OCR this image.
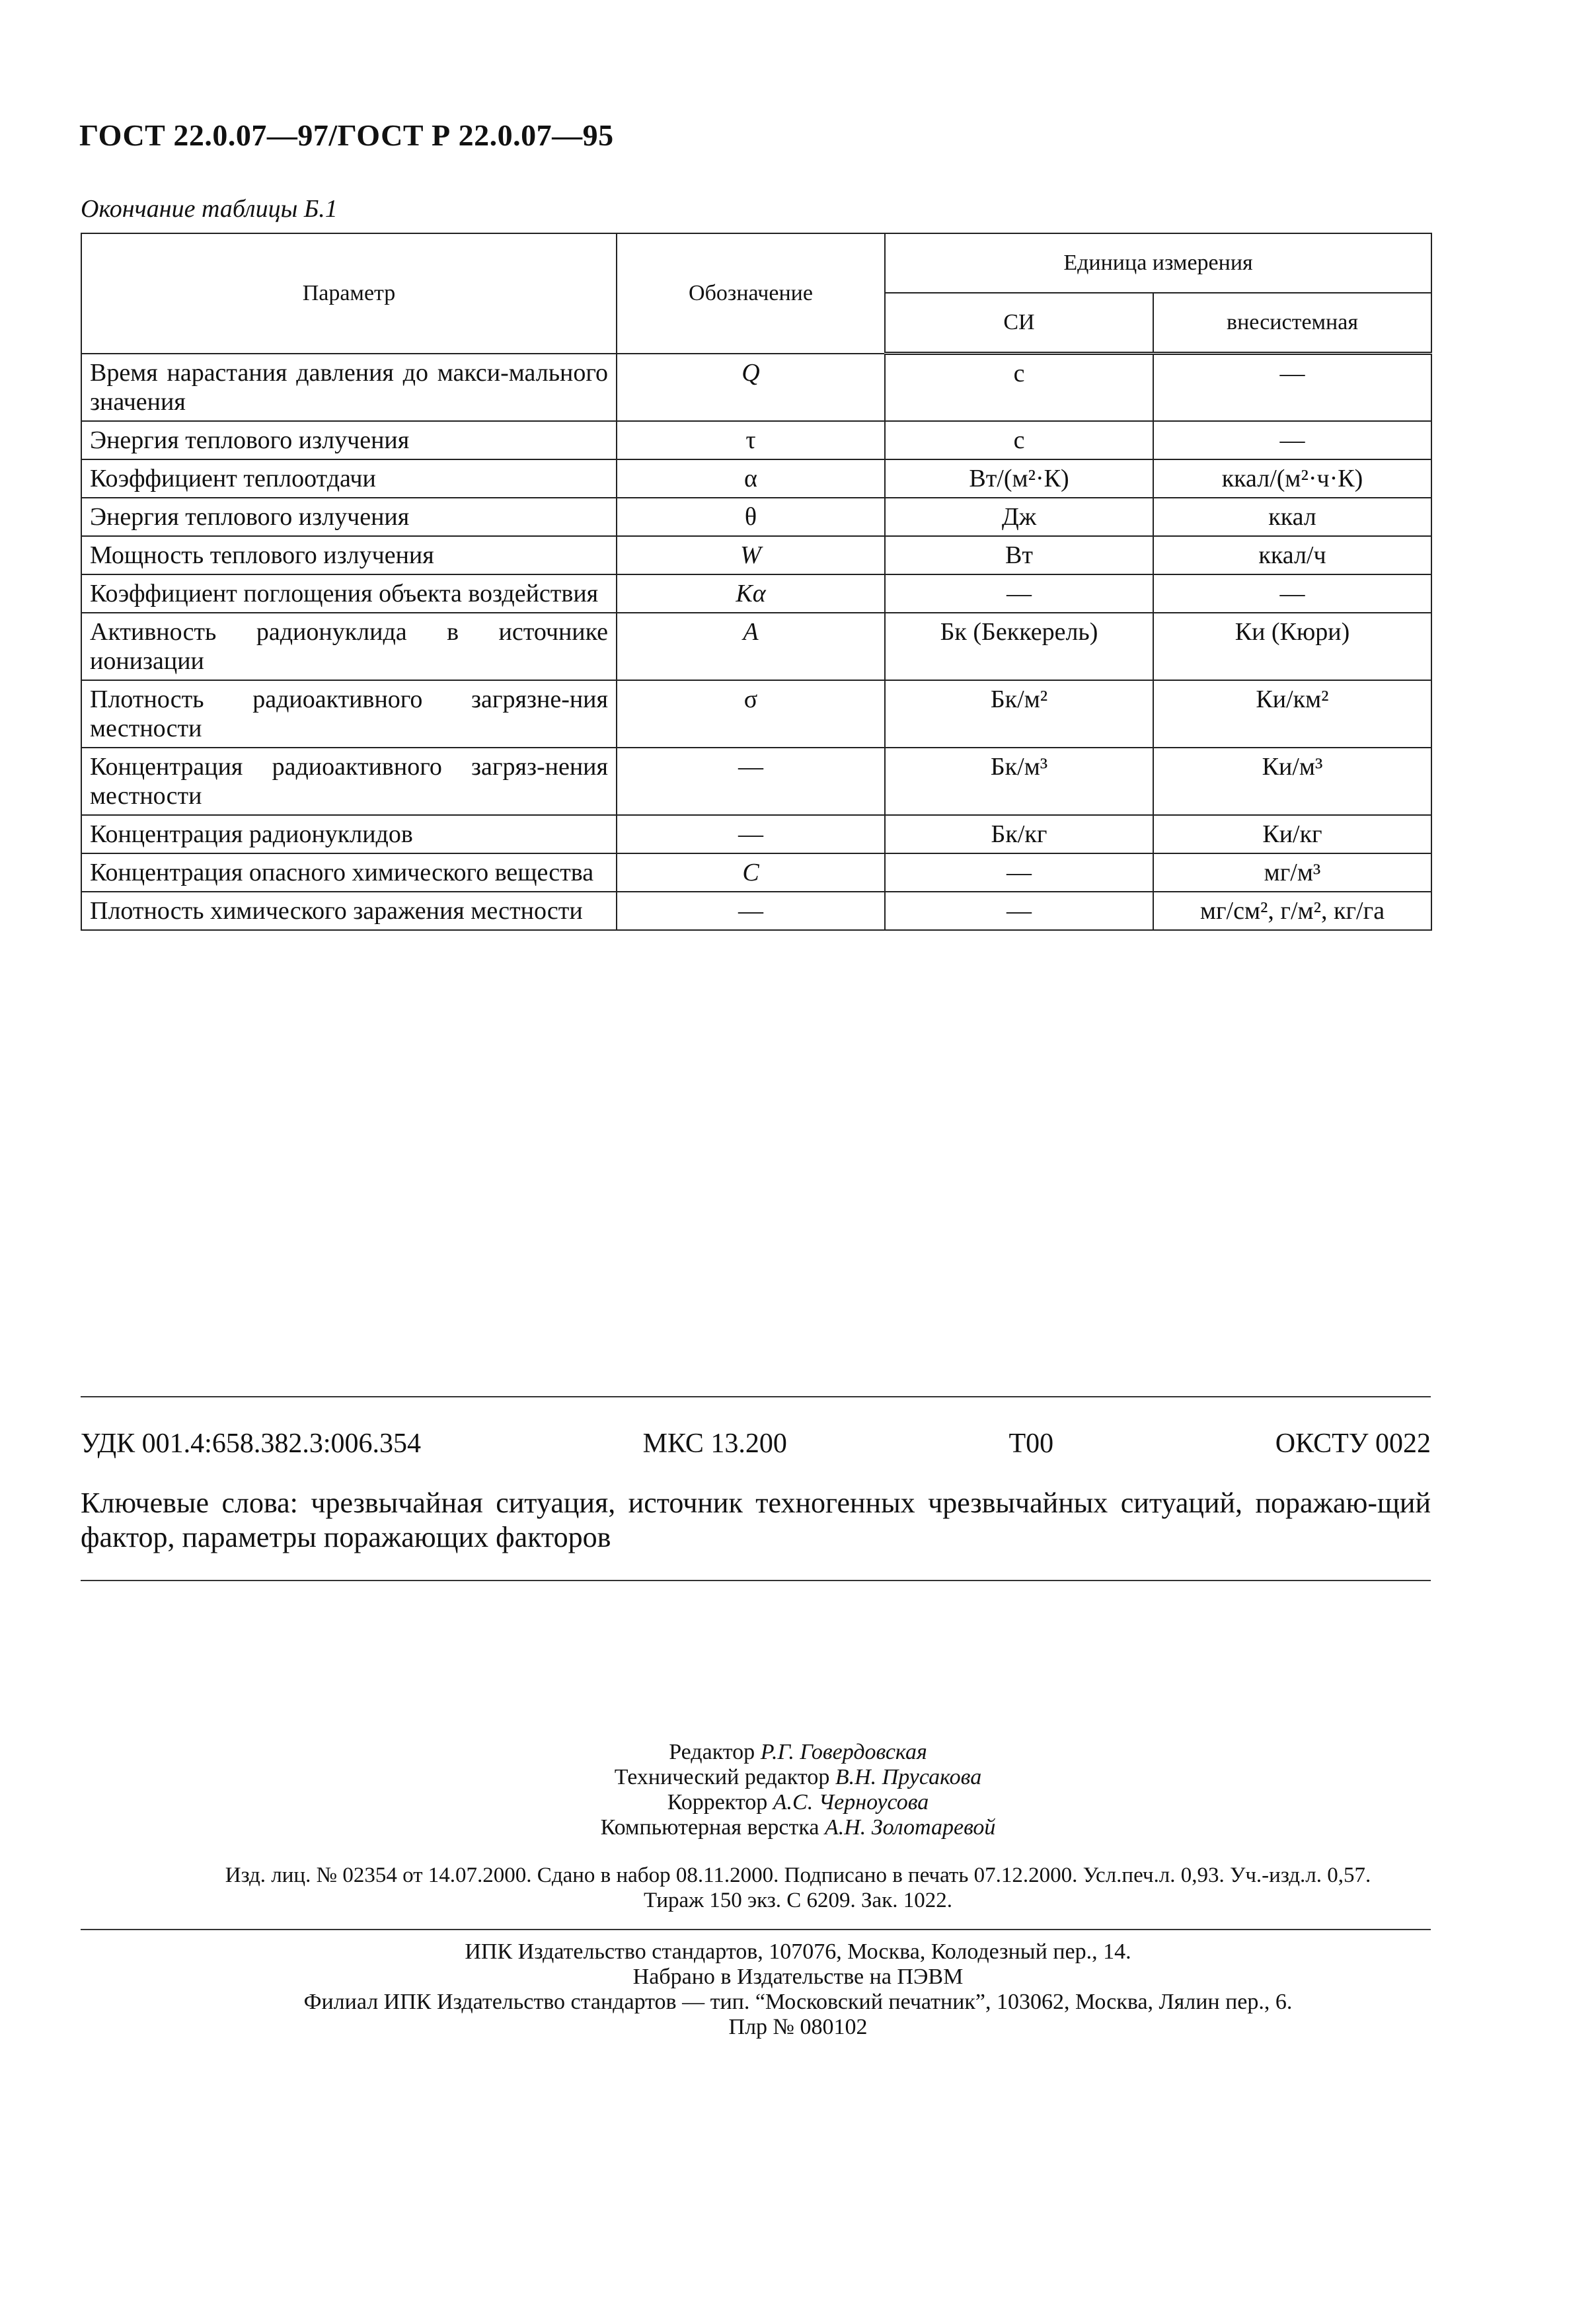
ГОСТ 22.0.07—97/ГОСТ Р 22.0.07—95
Окончание таблицы Б.1
Параметр	Обозначение	Единица измерения	
		СИ	внесистемная
Время нарастания давления до макси-мального значения	Q	с	—
Энергия теплового излучения	τ	с	—
Коэффициент теплоотдачи	α	Вт/(м²·К)	ккал/(м²·ч·К)
Энергия теплового излучения	θ	Дж	ккал
Мощность теплового излучения	W	Вт	ккал/ч
Коэффициент поглощения объекта воздействия	Kα	—	—
Активность радионуклида в источнике ионизации	A	Бк (Беккерель)	Ки (Кюри)
Плотность радиоактивного загрязне-ния местности	σ	Бк/м²	Ки/км²
Концентрация радиоактивного загряз-нения местности	—	Бк/м³	Ки/м³
Концентрация радионуклидов	—	Бк/кг	Ки/кг
Концентрация опасного химического вещества	C	—	мг/м³
Плотность химического заражения местности	—	—	мг/см², г/м², кг/га
УДК 001.4:658.382.3:006.354	МКС 13.200	Т00	ОКСТУ 0022
Ключевые слова: чрезвычайная ситуация, источник техногенных чрезвычайных ситуаций, поражаю-щий фактор, параметры поражающих факторов
Редактор Р.Г. Говердовская
Технический редактор В.Н. Прусакова
Корректор А.С. Черноусова
Компьютерная верстка А.Н. Золотаревой
Изд. лиц. № 02354 от 14.07.2000. Сдано в набор 08.11.2000. Подписано в печать 07.12.2000. Усл.печ.л. 0,93. Уч.-изд.л. 0,57.
Тираж 150 экз. С 6209. Зак. 1022.
ИПК Издательство стандартов, 107076, Москва, Колодезный пер., 14.
Набрано в Издательстве на ПЭВМ
Филиал ИПК Издательство стандартов — тип. “Московский печатник”, 103062, Москва, Лялин пер., 6.
Плр № 080102
